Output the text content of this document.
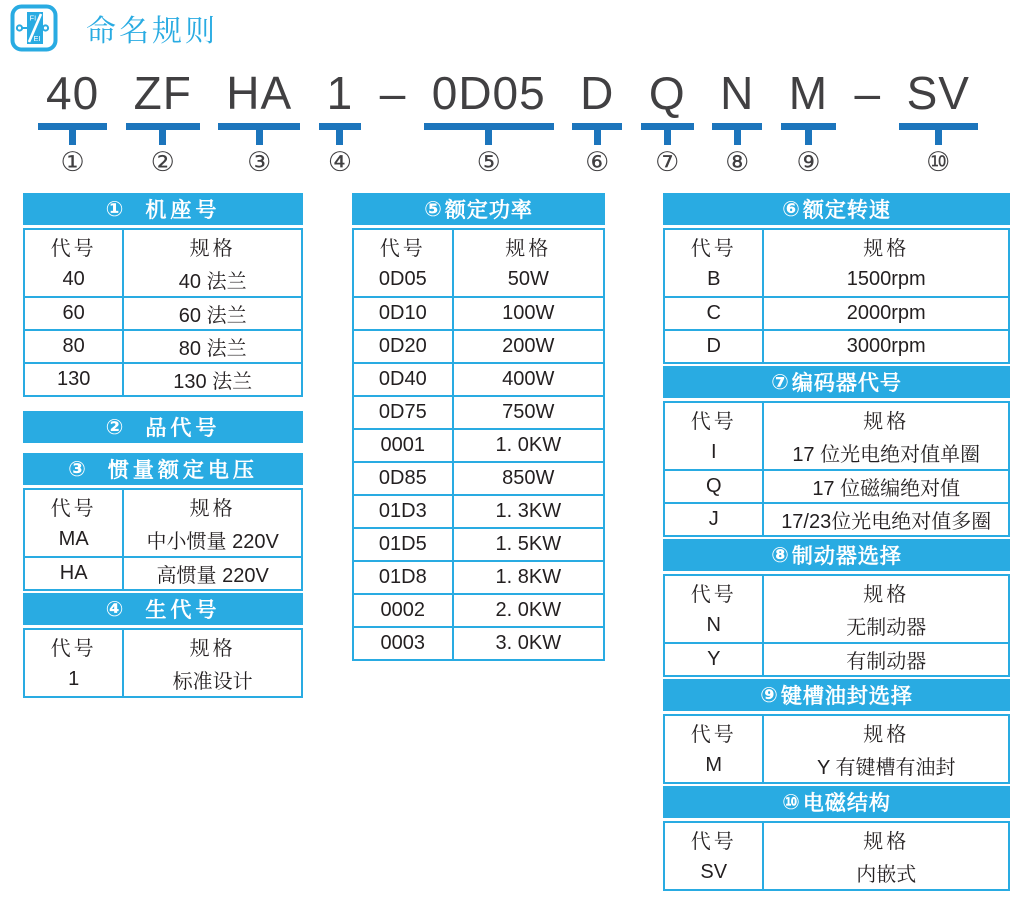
FI
EI 命名规则
40
①
ZF
②
HA
③
1
④
– 0D05
⑤
D
⑥
Q
⑦
N
⑧
M
⑨
– SV
⑩
① 机座号
代号	规格
40	40 法兰
60	60 法兰
80	80 法兰
130	130 法兰
② 品代号
③ 惯量额定电压
代号	规格
MA	中小惯量 220V
HA	高惯量 220V
④ 生代号
代号	规格
1	标准设计
⑤ 额定功率
代号	规格
0D05	50W
0D10	100W
0D20	200W
0D40	400W
0D75	750W
0001	1. 0KW
0D85	850W
01D3	1. 3KW
01D5	1. 5KW
01D8	1. 8KW
0002	2. 0KW
0003	3. 0KW
⑥ 额定转速
代号	规格
B	1500rpm
C	2000rpm
D	3000rpm
⑦ 编码器代号
代号	规格
I	17 位光电绝对值单圈
Q	17 位磁编绝对值
J	17/23位光电绝对值多圈
⑧ 制动器选择
代号	规格
N	无制动器
Y	有制动器
⑨ 键槽油封选择
代号	规格
M	Y 有键槽有油封
⑩ 电磁结构
代号	规格
SV	内嵌式
